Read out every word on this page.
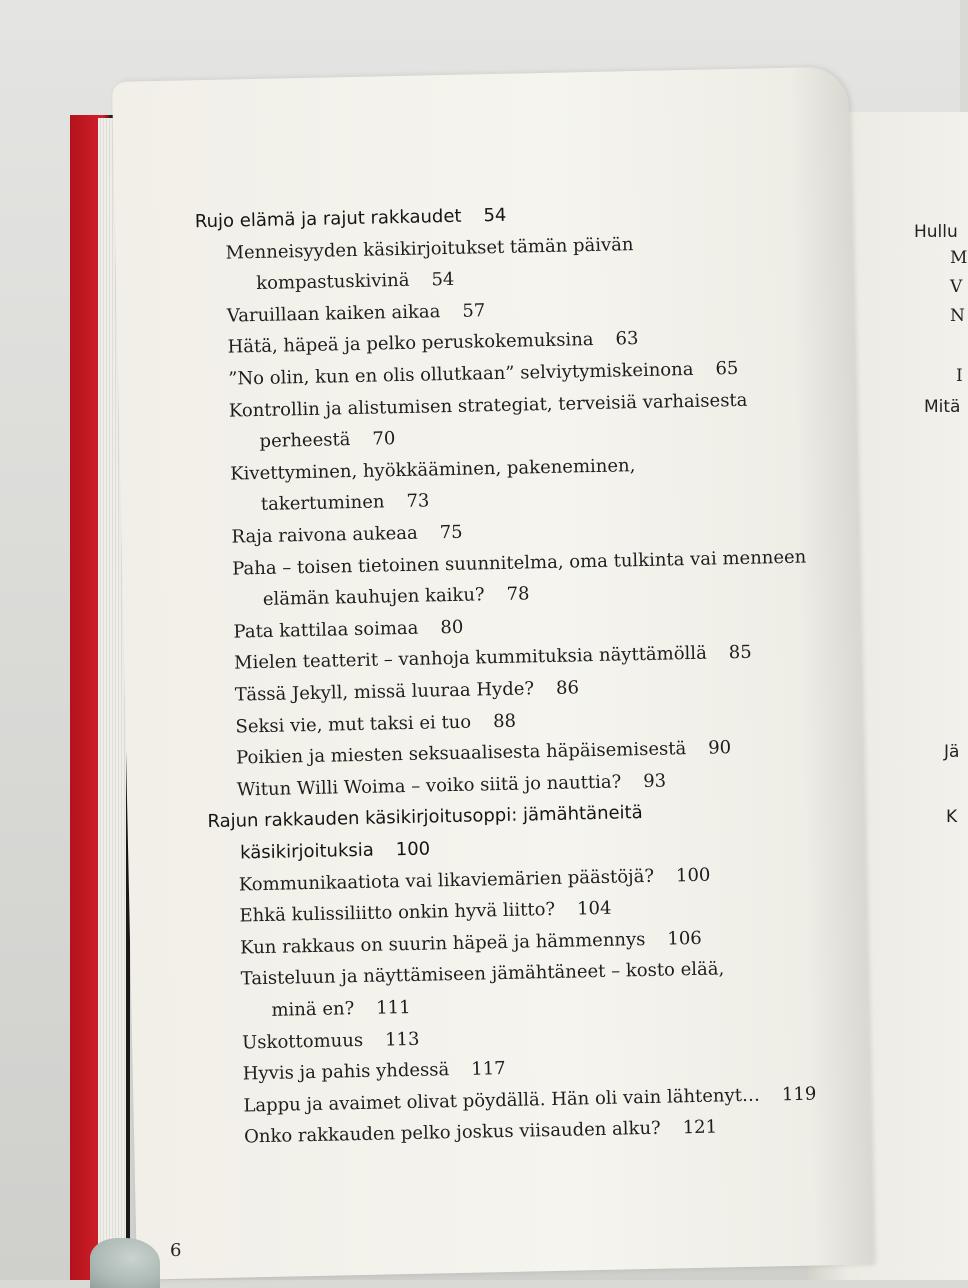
Hullu
M
V
N
I
Mitä
Jä
K
Rujo elämä ja rajut rakkaudet 54
Menneisyyden käsikirjoitukset tämän päivän
kompastuskivinä 54
Varuillaan kaiken aikaa 57
Hätä, häpeä ja pelko peruskokemuksina 63
”No olin, kun en olis ollutkaan” selviytymiskeinona 65
Kontrollin ja alistumisen strategiat, terveisiä varhaisesta
perheestä 70
Kivettyminen, hyökkääminen, pakeneminen,
takertuminen 73
Raja raivona aukeaa 75
Paha – toisen tietoinen suunnitelma, oma tulkinta vai menneen
elämän kauhujen kaiku? 78
Pata kattilaa soimaa 80
Mielen teatterit – vanhoja kummituksia näyttämöllä 85
Tässä Jekyll, missä luuraa Hyde? 86
Seksi vie, mut taksi ei tuo 88
Poikien ja miesten seksuaalisesta häpäisemisestä 90
Witun Willi Woima – voiko siitä jo nauttia? 93
Rajun rakkauden käsikirjoitusoppi: jämähtäneitä
käsikirjoituksia 100
Kommunikaatiota vai likaviemärien päästöjä? 100
Ehkä kulissiliitto onkin hyvä liitto? 104
Kun rakkaus on suurin häpeä ja hämmennys 106
Taisteluun ja näyttämiseen jämähtäneet – kosto elää,
minä en? 111
Uskottomuus 113
Hyvis ja pahis yhdessä 117
Lappu ja avaimet olivat pöydällä. Hän oli vain lähtenyt… 119
Onko rakkauden pelko joskus viisauden alku? 121
6
